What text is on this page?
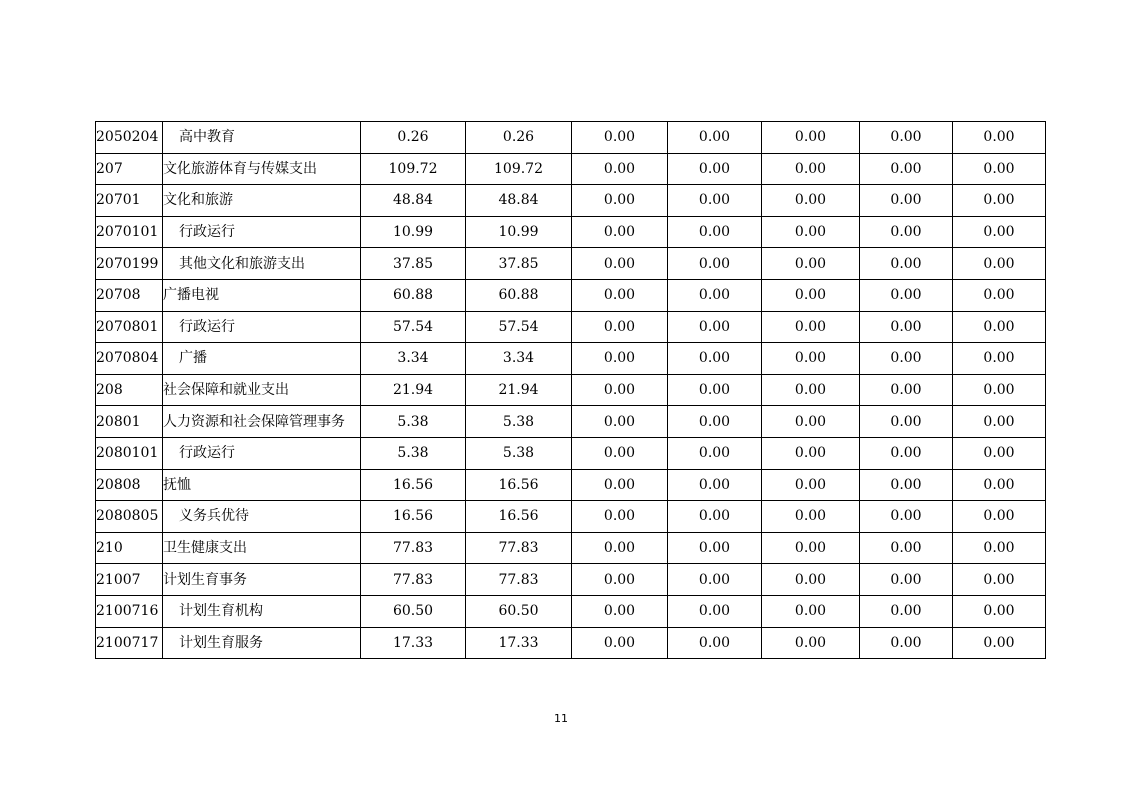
2050204	高中教育	0.26	0.26	0.00	0.00	0.00	0.00	0.00
207	文化旅游体育与传媒支出	109.72	109.72	0.00	0.00	0.00	0.00	0.00
20701	文化和旅游	48.84	48.84	0.00	0.00	0.00	0.00	0.00
2070101	行政运行	10.99	10.99	0.00	0.00	0.00	0.00	0.00
2070199	其他文化和旅游支出	37.85	37.85	0.00	0.00	0.00	0.00	0.00
20708	广播电视	60.88	60.88	0.00	0.00	0.00	0.00	0.00
2070801	行政运行	57.54	57.54	0.00	0.00	0.00	0.00	0.00
2070804	广播	3.34	3.34	0.00	0.00	0.00	0.00	0.00
208	社会保障和就业支出	21.94	21.94	0.00	0.00	0.00	0.00	0.00
20801	人力资源和社会保障管理事务	5.38	5.38	0.00	0.00	0.00	0.00	0.00
2080101	行政运行	5.38	5.38	0.00	0.00	0.00	0.00	0.00
20808	抚恤	16.56	16.56	0.00	0.00	0.00	0.00	0.00
2080805	义务兵优待	16.56	16.56	0.00	0.00	0.00	0.00	0.00
210	卫生健康支出	77.83	77.83	0.00	0.00	0.00	0.00	0.00
21007	计划生育事务	77.83	77.83	0.00	0.00	0.00	0.00	0.00
2100716	计划生育机构	60.50	60.50	0.00	0.00	0.00	0.00	0.00
2100717	计划生育服务	17.33	17.33	0.00	0.00	0.00	0.00	0.00
11
